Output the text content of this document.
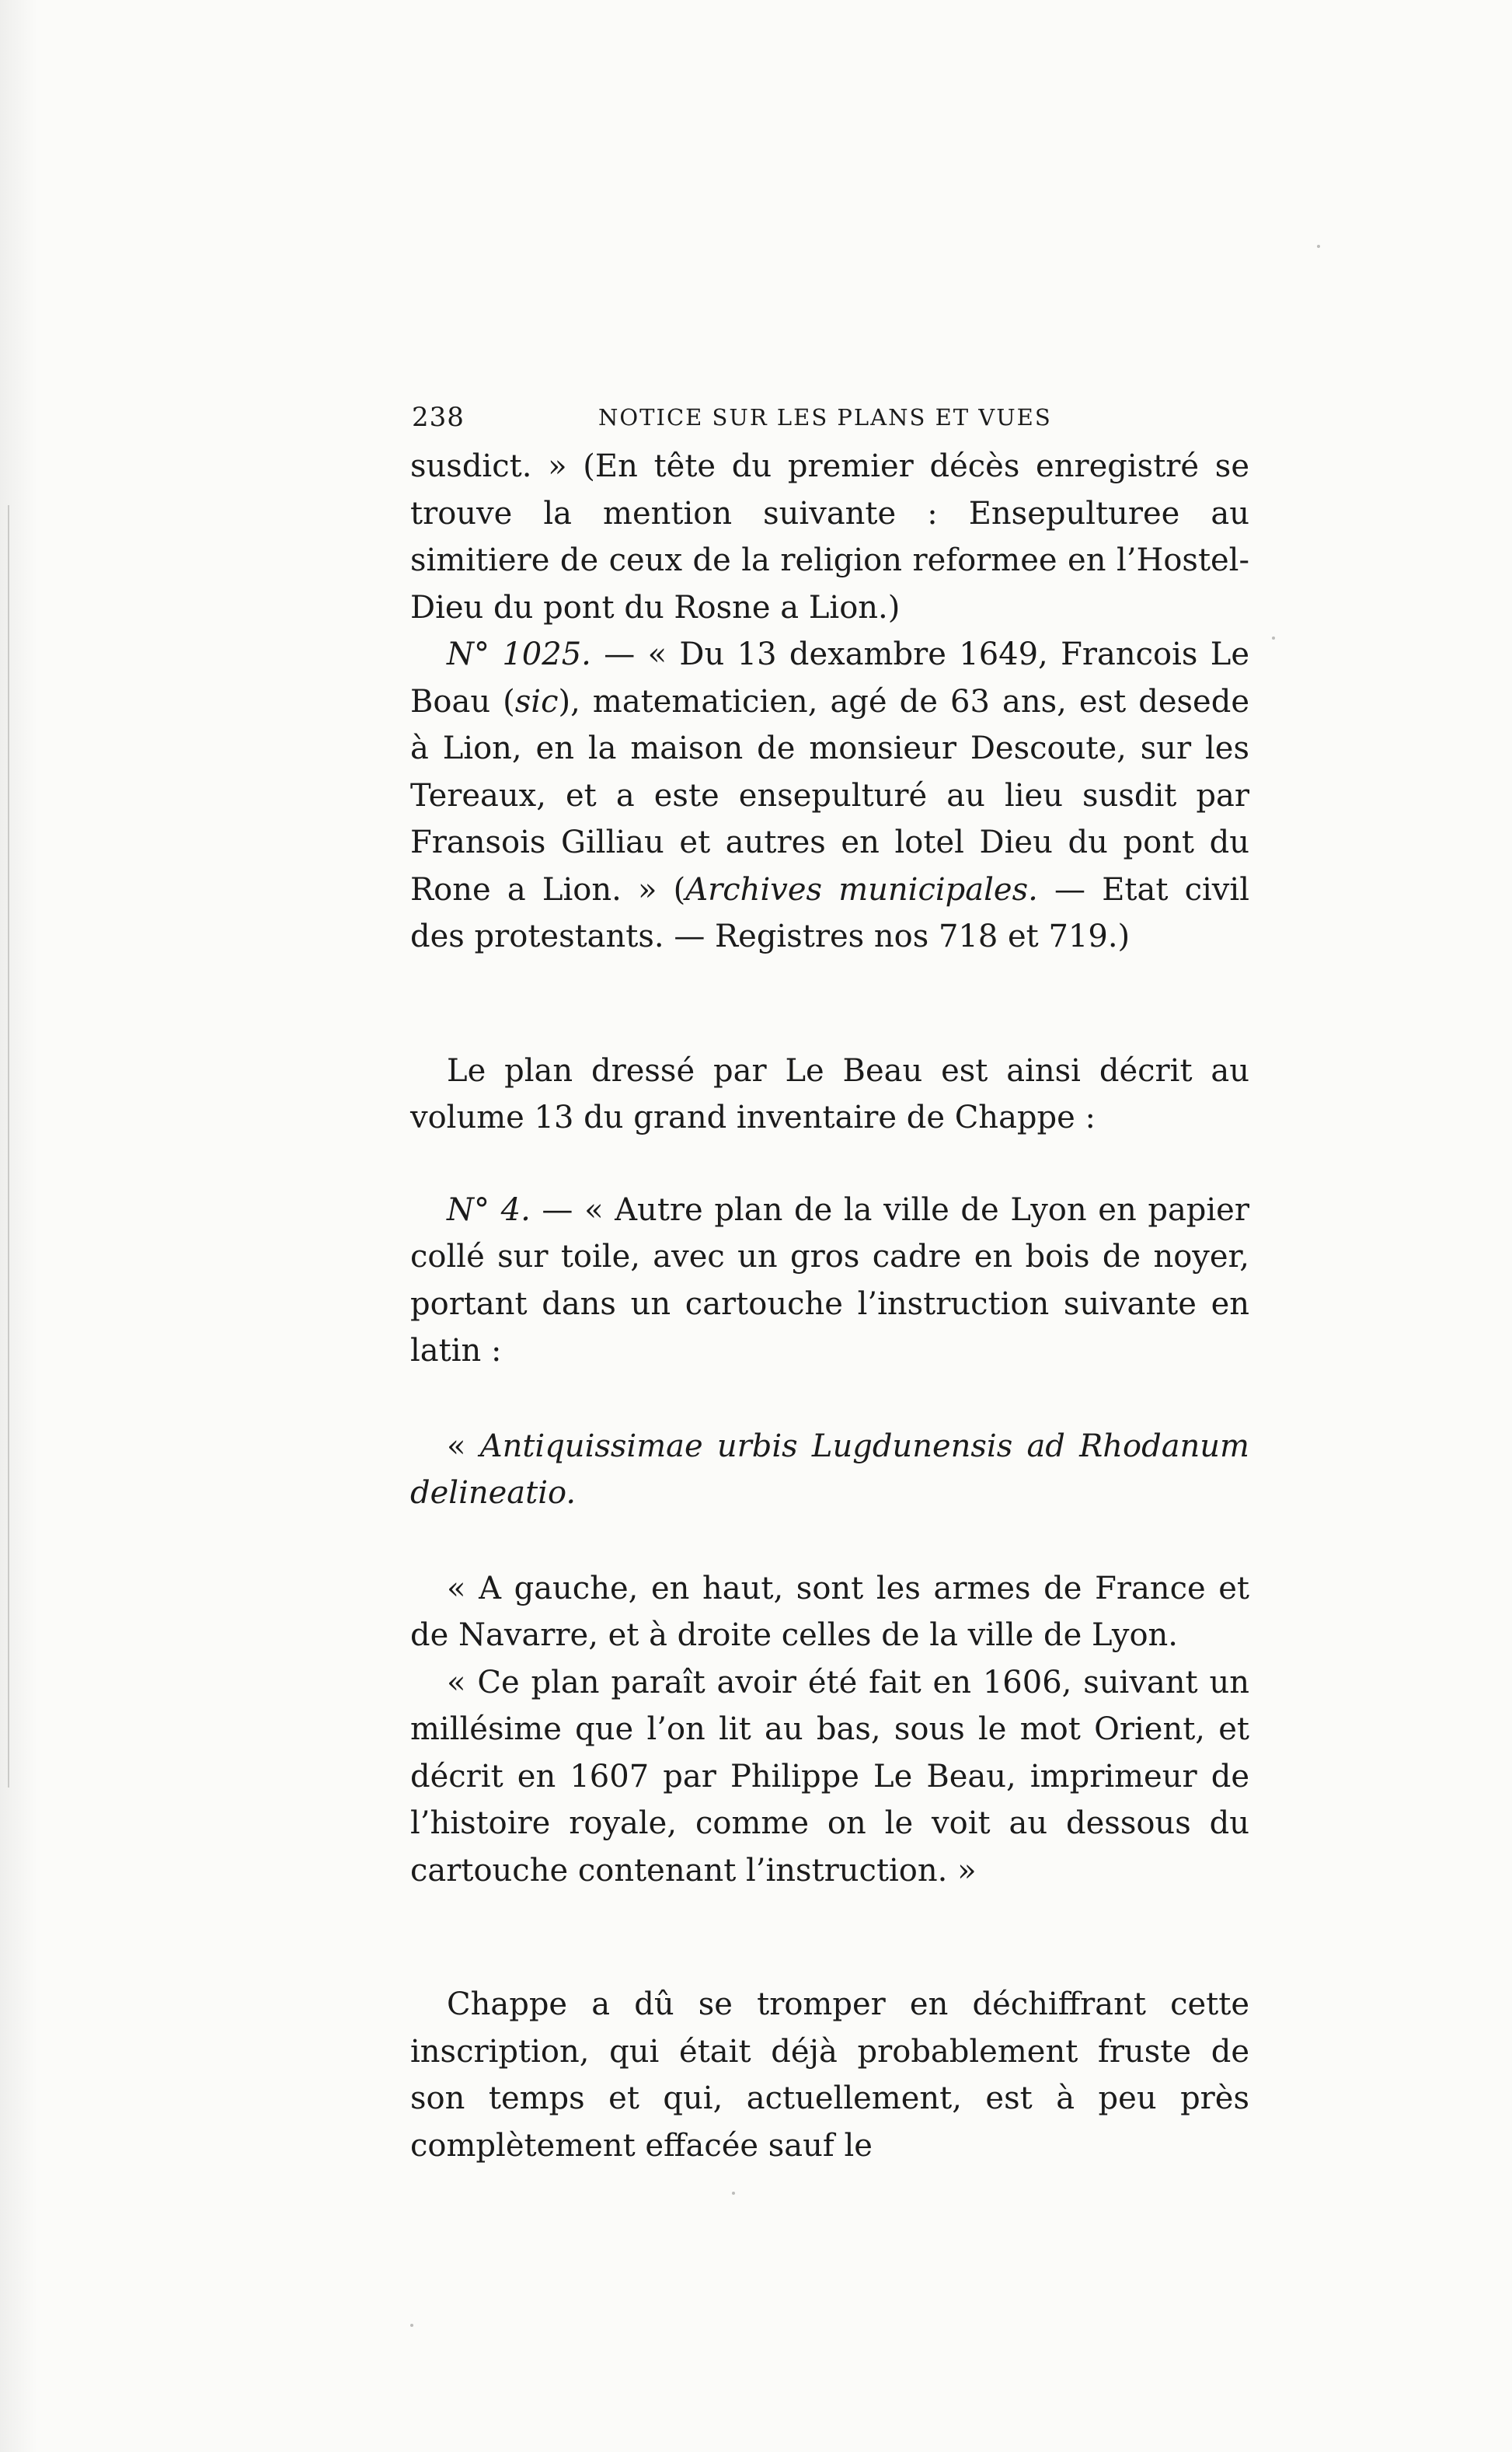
238	NOTICE SUR LES PLANS ET VUES

susdict. » (En tête du premier décès enregistré se trouve la mention suivante : Ensepulturee au simitiere de ceux de la religion reformee en l’Hostel-Dieu du pont du Rosne a Lion.)

N° 1025. — « Du 13 dexambre 1649, Francois Le Boau (sic), matematicien, agé de 63 ans, est desede à Lion, en la maison de monsieur Descoute, sur les Tereaux, et a este ensepulturé au lieu susdit par Fransois Gilliau et autres en lotel Dieu du pont du Rone a Lion. » (Archives municipales. — Etat civil des protestants. — Registres nos 718 et 719.)

Le plan dressé par Le Beau est ainsi décrit au volume 13 du grand inventaire de Chappe :

N° 4. — « Autre plan de la ville de Lyon en papier collé sur toile, avec un gros cadre en bois de noyer, portant dans un cartouche l’instruction suivante en latin :

« Antiquissimae urbis Lugdunensis ad Rhodanum delineatio.

« A gauche, en haut, sont les armes de France et de Navarre, et à droite celles de la ville de Lyon.

« Ce plan paraît avoir été fait en 1606, suivant un millésime que l’on lit au bas, sous le mot Orient, et décrit en 1607 par Philippe Le Beau, imprimeur de l’histoire royale, comme on le voit au dessous du cartouche contenant l’instruction. »

Chappe a dû se tromper en déchiffrant cette inscription, qui était déjà probablement fruste de son temps et qui, actuellement, est à peu près complètement effacée sauf le
